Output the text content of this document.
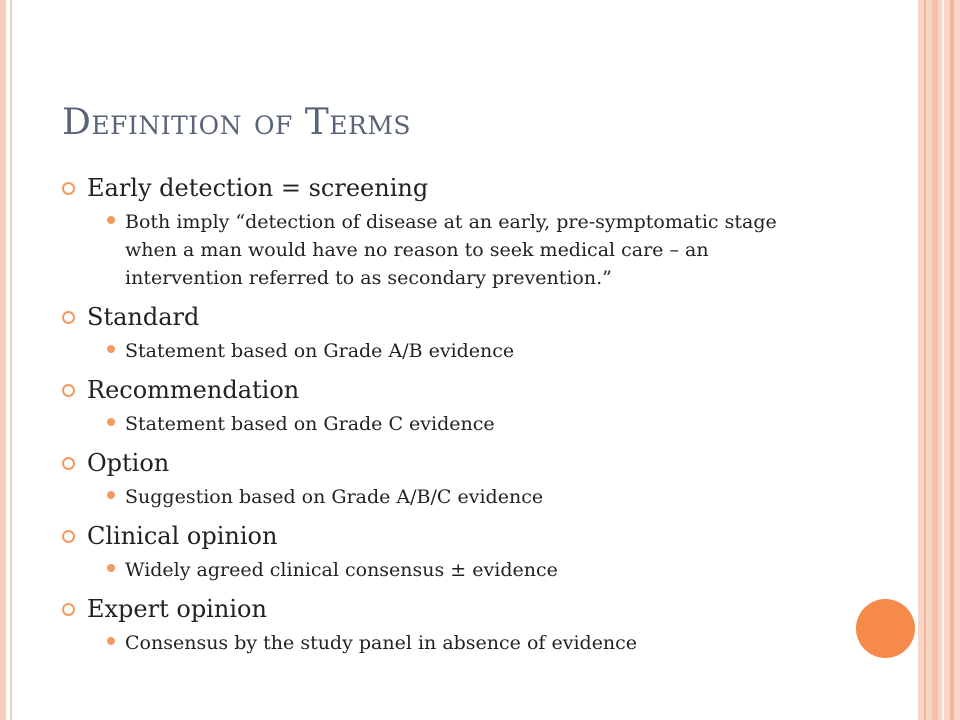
Definition of Terms
Early detection = screening
Both imply “detection of disease at an early, pre-symptomatic stage when a man would have no reason to seek medical care – an intervention referred to as secondary prevention.”
Standard
Statement based on Grade A/B evidence
Recommendation
Statement based on Grade C evidence
Option
Suggestion based on Grade A/B/C evidence
Clinical opinion
Widely agreed clinical consensus ± evidence
Expert opinion
Consensus by the study panel in absence of evidence
